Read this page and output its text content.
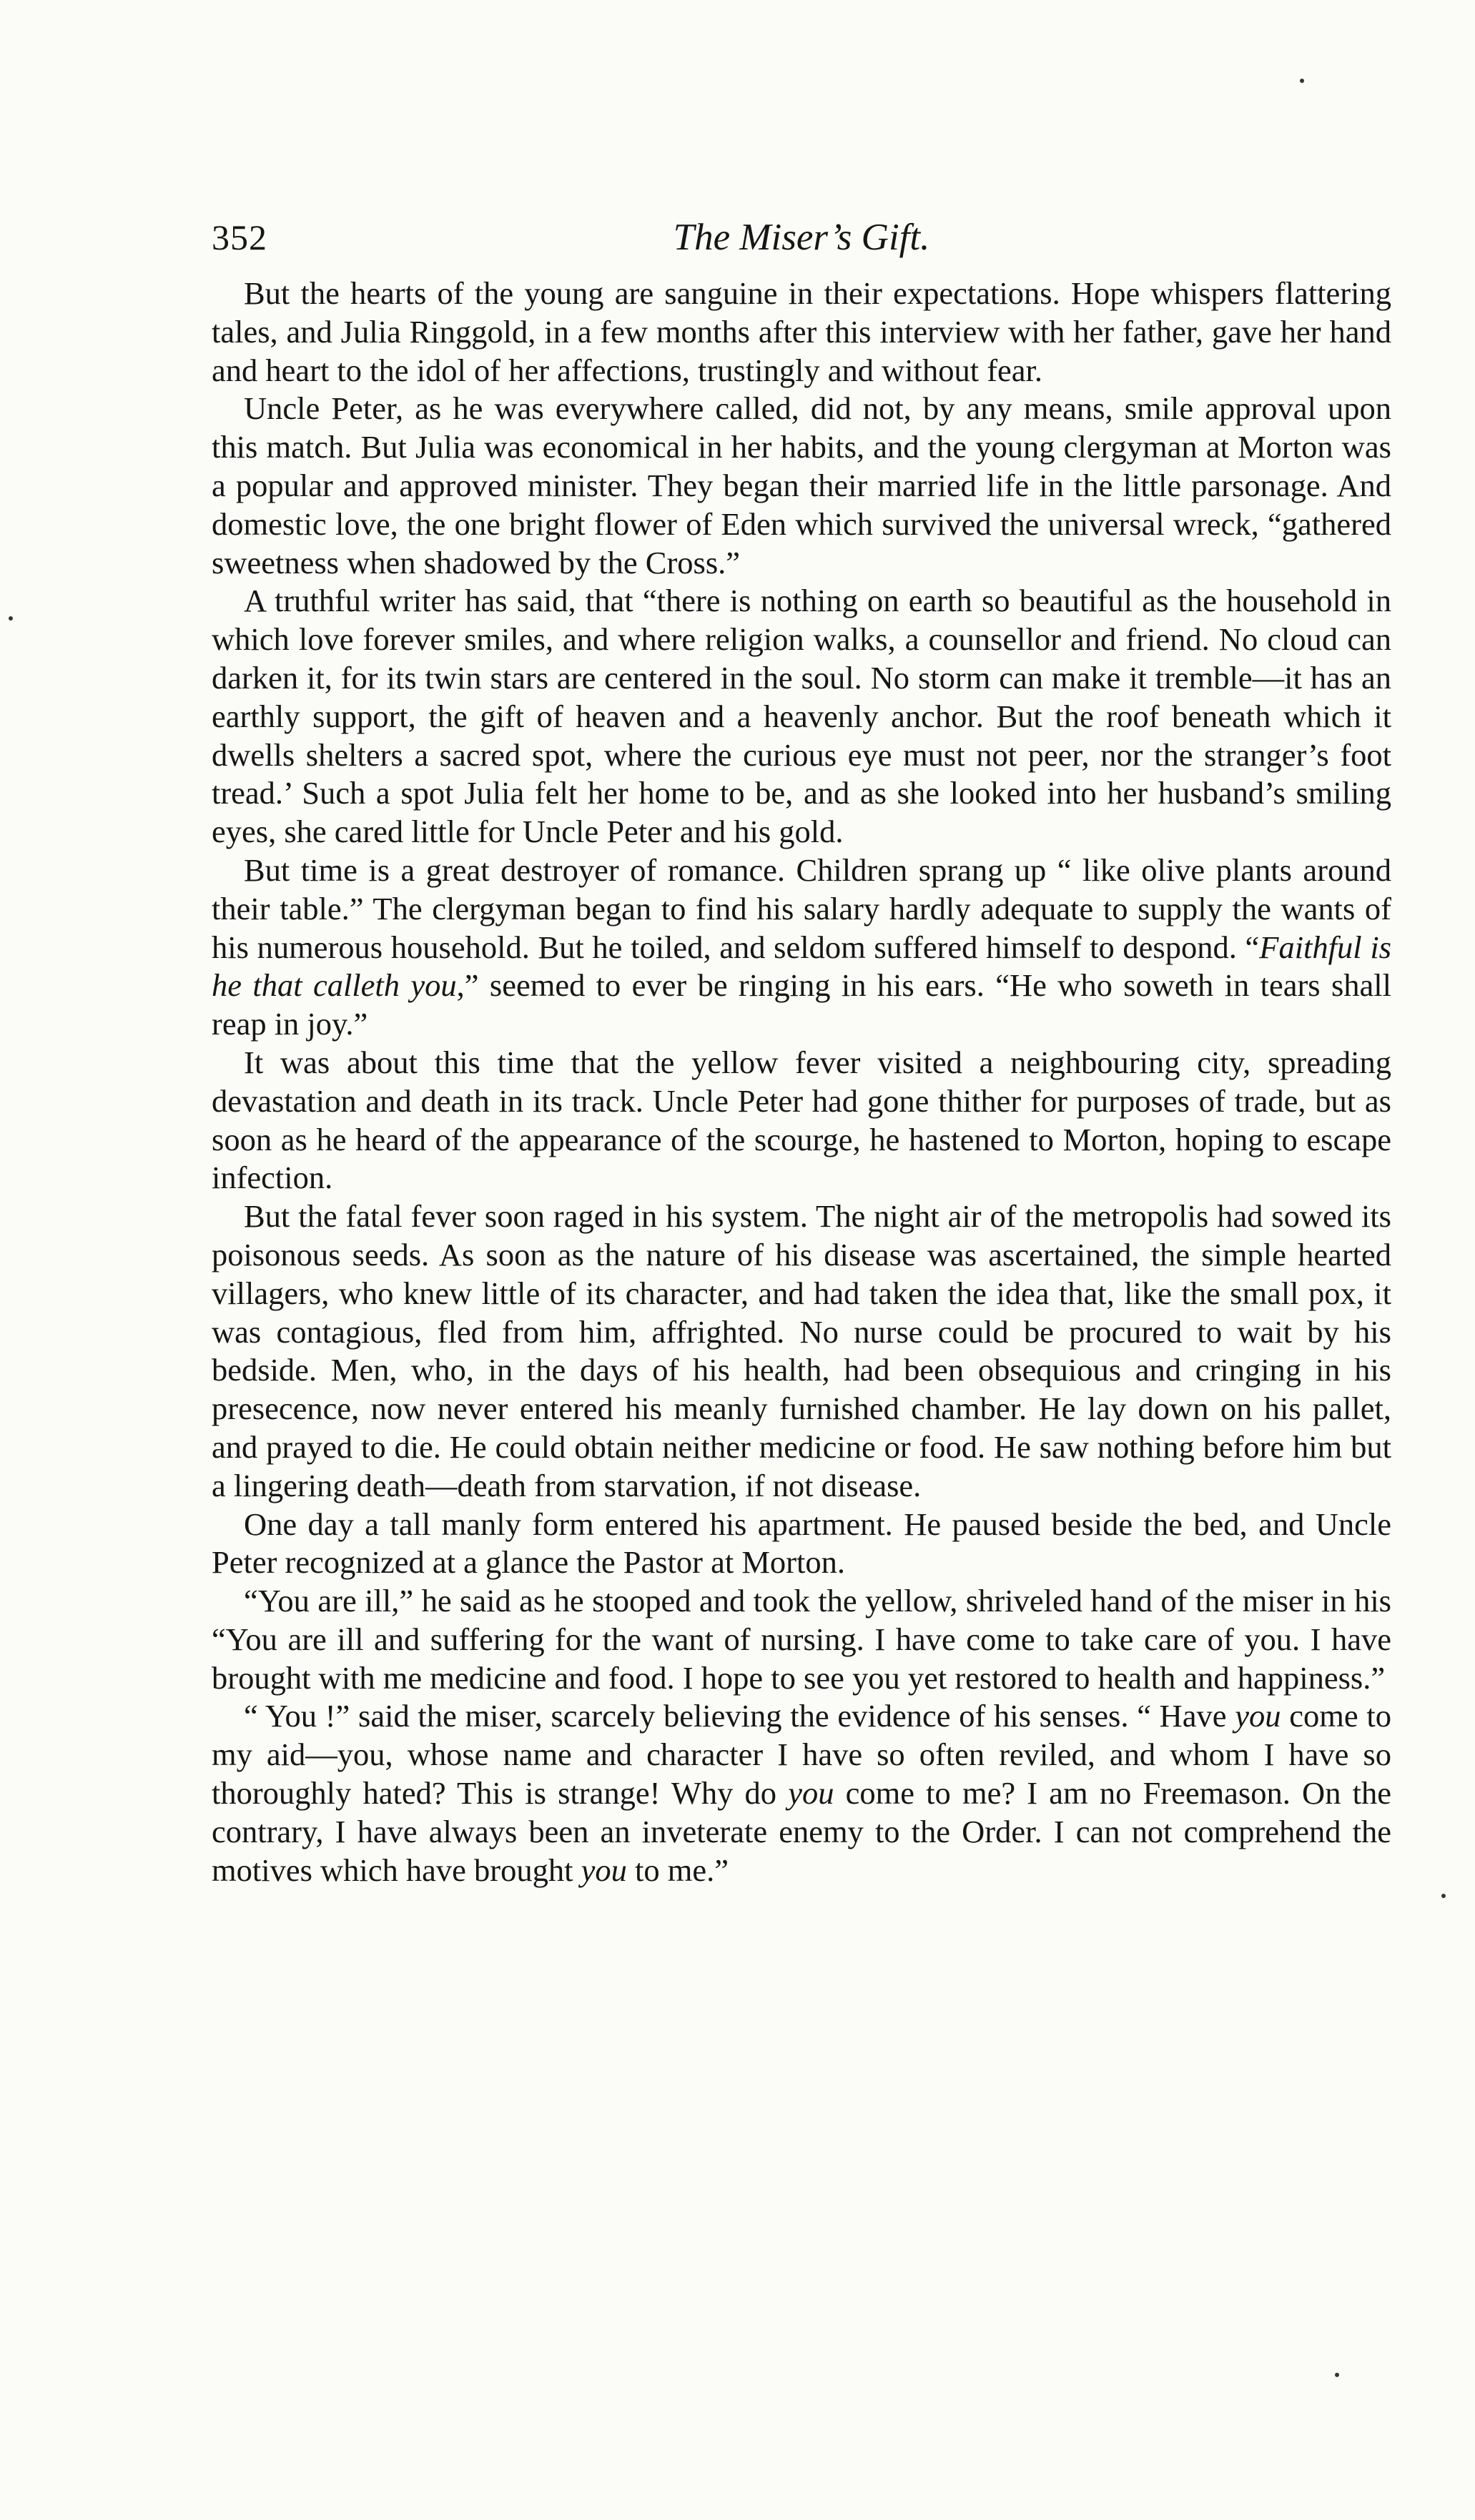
352	The Miser’s Gift.

But the hearts of the young are sanguine in their expectations. Hope whispers flattering tales, and Julia Ringgold, in a few months after this interview with her father, gave her hand and heart to the idol of her affections, trustingly and without fear.

Uncle Peter, as he was everywhere called, did not, by any means, smile approval upon this match. But Julia was economical in her habits, and the young clergyman at Morton was a popular and approved minister. They began their married life in the little parsonage. And domestic love, the one bright flower of Eden which survived the universal wreck, “gathered sweetness when shadowed by the Cross.”

A truthful writer has said, that “there is nothing on earth so beautiful as the household in which love forever smiles, and where religion walks, a counsellor and friend. No cloud can darken it, for its twin stars are centered in the soul. No storm can make it tremble—it has an earthly support, the gift of heaven and a heavenly anchor. But the roof beneath which it dwells shelters a sacred spot, where the curious eye must not peer, nor the stranger’s foot tread.’ Such a spot Julia felt her home to be, and as she looked into her husband’s smiling eyes, she cared little for Uncle Peter and his gold.

But time is a great destroyer of romance. Children sprang up “ like olive plants around their table.” The clergyman began to find his salary hardly adequate to supply the wants of his numerous household. But he toiled, and seldom suffered himself to despond. “Faithful is he that calleth you,” seemed to ever be ringing in his ears. “He who soweth in tears shall reap in joy.”

It was about this time that the yellow fever visited a neighbouring city, spreading devastation and death in its track. Uncle Peter had gone thither for purposes of trade, but as soon as he heard of the appearance of the scourge, he hastened to Morton, hoping to escape infection.

But the fatal fever soon raged in his system. The night air of the metropolis had sowed its poisonous seeds. As soon as the nature of his disease was ascertained, the simple hearted villagers, who knew little of its character, and had taken the idea that, like the small pox, it was contagious, fled from him, affrighted. No nurse could be procured to wait by his bedside. Men, who, in the days of his health, had been obsequious and cringing in his presecence, now never entered his meanly furnished chamber. He lay down on his pallet, and prayed to die. He could obtain neither medicine or food. He saw nothing before him but a lingering death—death from starvation, if not disease.

One day a tall manly form entered his apartment. He paused beside the bed, and Uncle Peter recognized at a glance the Pastor at Morton.

“You are ill,” he said as he stooped and took the yellow, shriveled hand of the miser in his “You are ill and suffering for the want of nursing. I have come to take care of you. I have brought with me medicine and food. I hope to see you yet restored to health and happiness.”

“ You !” said the miser, scarcely believing the evidence of his senses. “ Have you come to my aid—you, whose name and character I have so often reviled, and whom I have so thoroughly hated? This is strange! Why do you come to me? I am no Freemason. On the contrary, I have always been an inveterate enemy to the Order. I can not comprehend the motives which have brought you to me.”
